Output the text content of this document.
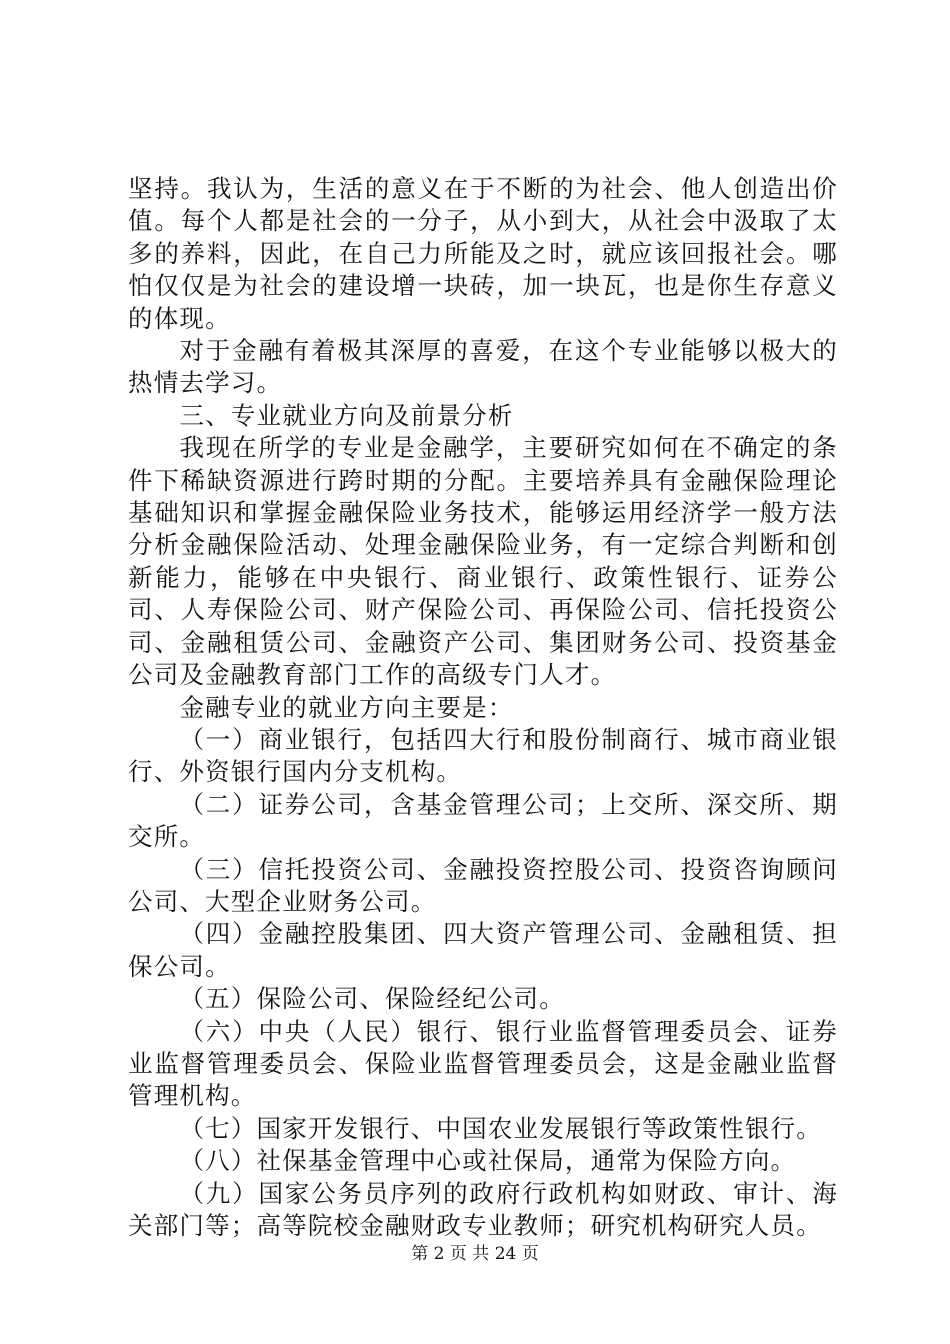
坚持。我认为，生活的意义在于不断的为社会、他人创造出价值。每个人都是社会的一分子，从小到大，从社会中汲取了太多的养料，因此，在自己力所能及之时，就应该回报社会。哪怕仅仅是为社会的建设增一块砖，加一块瓦，也是你生存意义的体现。

对于金融有着极其深厚的喜爱，在这个专业能够以极大的热情去学习。

三、专业就业方向及前景分析

我现在所学的专业是金融学，主要研究如何在不确定的条件下稀缺资源进行跨时期的分配。主要培养具有金融保险理论基础知识和掌握金融保险业务技术，能够运用经济学一般方法分析金融保险活动、处理金融保险业务，有一定综合判断和创新能力，能够在中央银行、商业银行、政策性银行、证券公司、人寿保险公司、财产保险公司、再保险公司、信托投资公司、金融租赁公司、金融资产公司、集团财务公司、投资基金公司及金融教育部门工作的高级专门人才。

金融专业的就业方向主要是：

（一）商业银行，包括四大行和股份制商行、城市商业银行、外资银行国内分支机构。

（二）证券公司，含基金管理公司；上交所、深交所、期交所。

（三）信托投资公司、金融投资控股公司、投资咨询顾问公司、大型企业财务公司。

（四）金融控股集团、四大资产管理公司、金融租赁、担保公司。

（五）保险公司、保险经纪公司。

（六）中央（人民）银行、银行业监督管理委员会、证券业监督管理委员会、保险业监督管理委员会，这是金融业监督管理机构。

（七）国家开发银行、中国农业发展银行等政策性银行。

（八）社保基金管理中心或社保局，通常为保险方向。

（九）国家公务员序列的政府行政机构如财政、审计、海关部门等；高等院校金融财政专业教师；研究机构研究人员。

第 2 页 共 24 页
